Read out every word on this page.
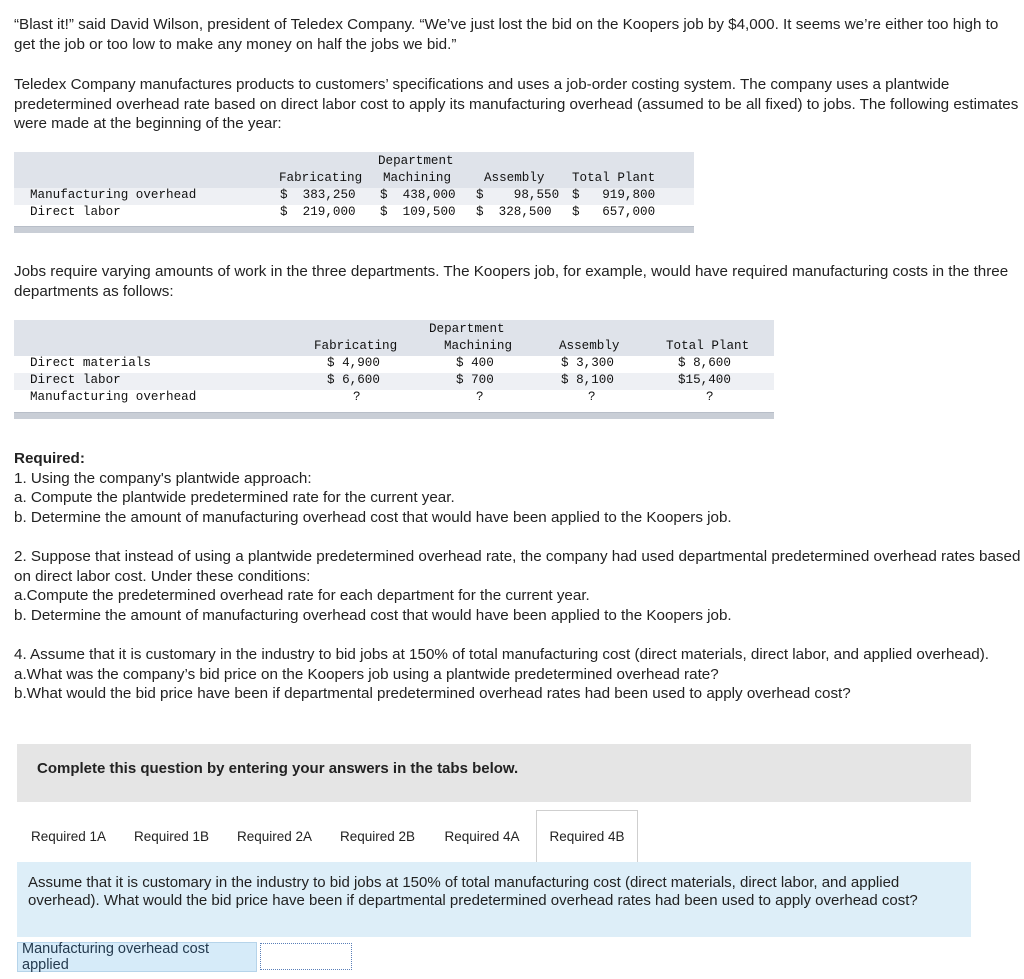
“Blast it!” said David Wilson, president of Teledex Company. “We’ve just lost the bid on the Koopers job by $4,000. It seems we’re either too high to get the job or too low to make any money on half the jobs we bid.”
Teledex Company manufactures products to customers’ specifications and uses a job-order costing system. The company uses a plantwide predetermined overhead rate based on direct labor cost to apply its manufacturing overhead (assumed to be all fixed) to jobs. The following estimates were made at the beginning of the year:
Department
Fabricating Machining	Assembly Total Plant
Manufacturing overhead	$  383,250 $  438,000 $    98,550 $   919,800
Direct labor	$  219,000 $  109,500 $  328,500 $   657,000
Jobs require varying amounts of work in the three departments. The Koopers job, for example, would have required manufacturing costs in the three departments as follows:
Department
Fabricating	Machining	Assembly	Total Plant
Direct materials	$ 4,900	$ 400	$ 3,300	$ 8,600
Direct labor	$ 6,600	$ 700	$ 8,100	$15,400
Manufacturing overhead	?	?	?	?
Required:
1. Using the company's plantwide approach:
a. Compute the plantwide predetermined rate for the current year.
b. Determine the amount of manufacturing overhead cost that would have been applied to the Koopers job.
2. Suppose that instead of using a plantwide predetermined overhead rate, the company had used departmental predetermined overhead rates based on direct labor cost. Under these conditions:
a.Compute the predetermined overhead rate for each department for the current year.
b. Determine the amount of manufacturing overhead cost that would have been applied to the Koopers job.
4. Assume that it is customary in the industry to bid jobs at 150% of total manufacturing cost (direct materials, direct labor, and applied overhead).
a.What was the company’s bid price on the Koopers job using a plantwide predetermined overhead rate?
b.What would the bid price have been if departmental predetermined overhead rates had been used to apply overhead cost?
Complete this question by entering your answers in the tabs below.
Required 1A	Required 1B	Required 2A	Required 2B	Required 4A	Required 4B
Assume that it is customary in the industry to bid jobs at 150% of total manufacturing cost (direct materials, direct labor, and applied overhead). What would the bid price have been if departmental predetermined overhead rates had been used to apply overhead cost?
Manufacturing overhead cost applied
